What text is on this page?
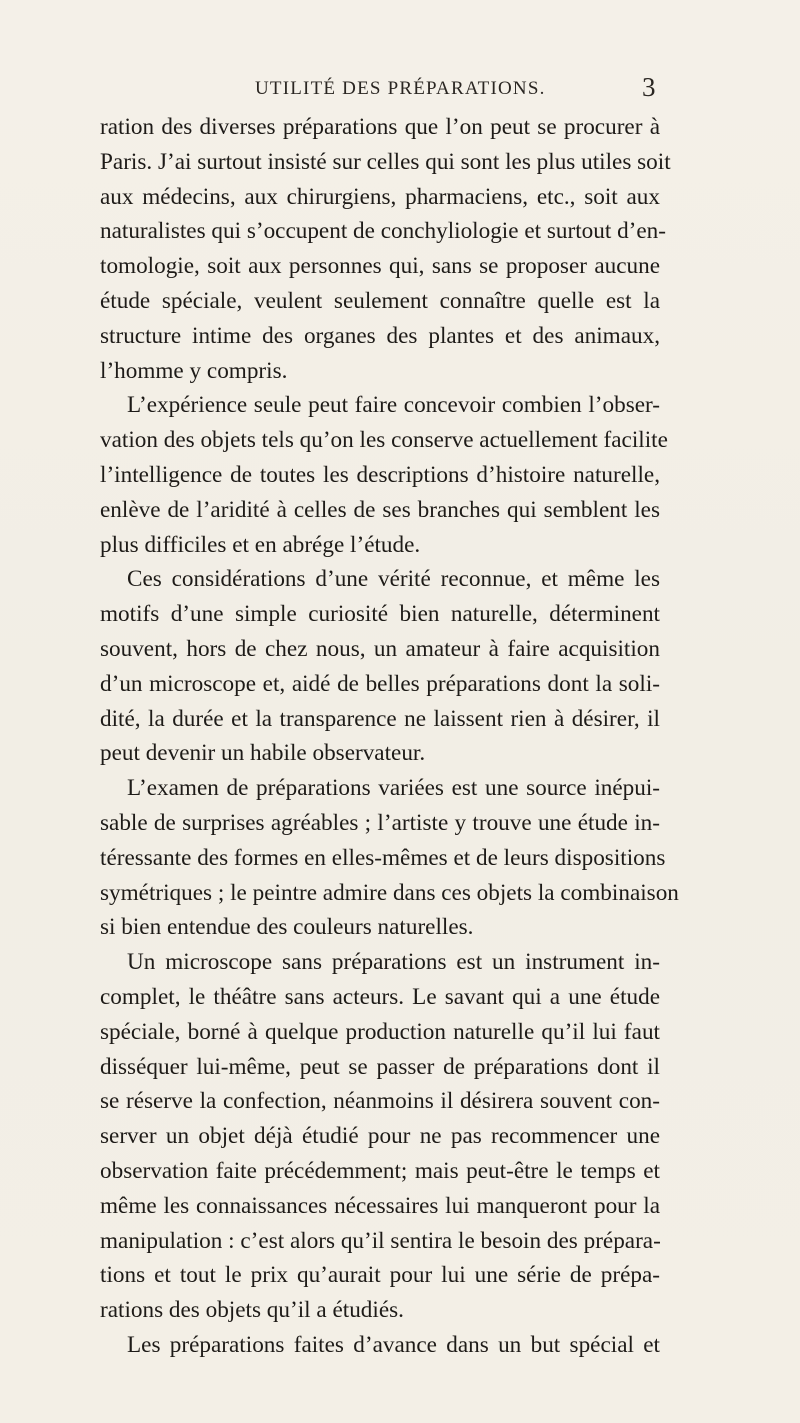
UTILITÉ DES PRÉPARATIONS.	3
ration des diverses préparations que l’on peut se procurer à
Paris. J’ai surtout insisté sur celles qui sont les plus utiles soit
aux médecins, aux chirurgiens, pharmaciens, etc., soit aux
naturalistes qui s’occupent de conchyliologie et surtout d’en-
tomologie, soit aux personnes qui, sans se proposer aucune
étude spéciale, veulent seulement connaître quelle est la
structure intime des organes des plantes et des animaux,
l’homme y compris.
L’expérience seule peut faire concevoir combien l’obser-
vation des objets tels qu’on les conserve actuellement facilite
l’intelligence de toutes les descriptions d’histoire naturelle,
enlève de l’aridité à celles de ses branches qui semblent les
plus difficiles et en abrége l’étude.
Ces considérations d’une vérité reconnue, et même les
motifs d’une simple curiosité bien naturelle, déterminent
souvent, hors de chez nous, un amateur à faire acquisition
d’un microscope et, aidé de belles préparations dont la soli-
dité, la durée et la transparence ne laissent rien à désirer, il
peut devenir un habile observateur.
L’examen de préparations variées est une source inépui-
sable de surprises agréables ; l’artiste y trouve une étude in-
téressante des formes en elles-mêmes et de leurs dispositions
symétriques ; le peintre admire dans ces objets la combinaison
si bien entendue des couleurs naturelles.
Un microscope sans préparations est un instrument in-
complet, le théâtre sans acteurs. Le savant qui a une étude
spéciale, borné à quelque production naturelle qu’il lui faut
disséquer lui-même, peut se passer de préparations dont il
se réserve la confection, néanmoins il désirera souvent con-
server un objet déjà étudié pour ne pas recommencer une
observation faite précédemment; mais peut-être le temps et
même les connaissances nécessaires lui manqueront pour la
manipulation : c’est alors qu’il sentira le besoin des prépara-
tions et tout le prix qu’aurait pour lui une série de prépa-
rations des objets qu’il a étudiés.
Les préparations faites d’avance dans un but spécial et
